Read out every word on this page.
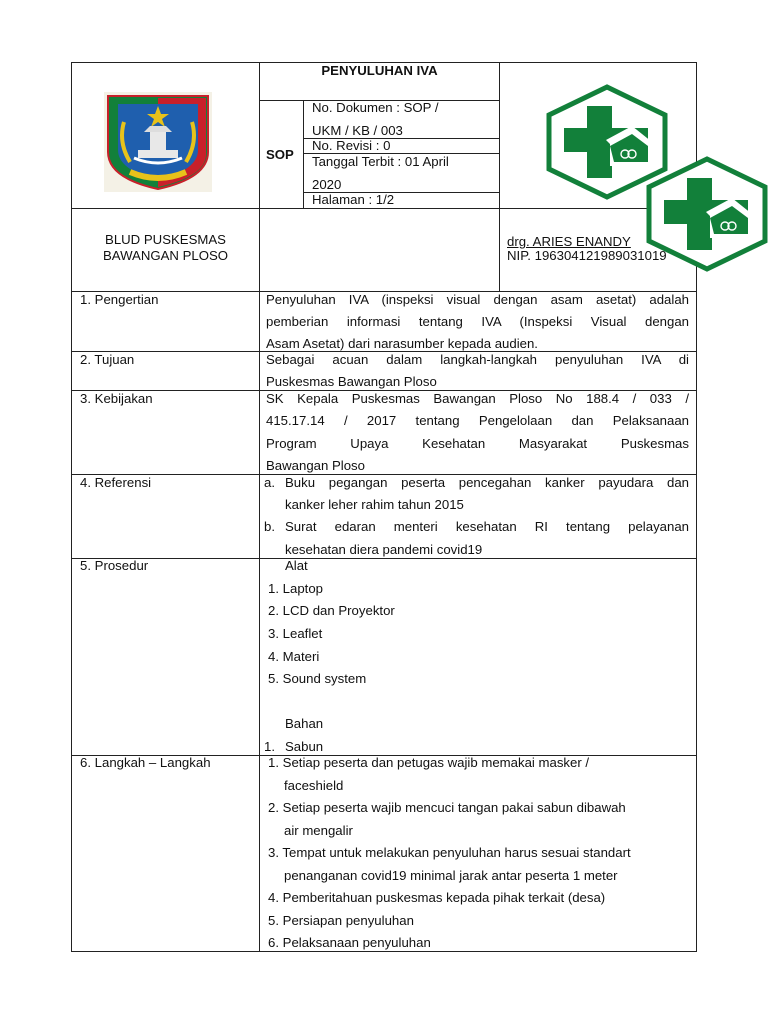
PENYULUHAN IVA
SOP
No. Dokumen : SOP /
UKM / KB / 003
No. Revisi : 0
Tanggal Terbit : 01 April
2020
Halaman : 1/2
BLUD PUSKESMAS
BAWANGAN PLOSO
drg. ARIES ENANDY
NIP. 196304121989031019
1. Pengertian	Penyuluhan IVA (inspeksi visual dengan asam asetat) adalah
pemberian informasi tentang IVA (Inspeksi Visual dengan
Asam Asetat) dari narasumber kepada audien.
2. Tujuan	Sebagai acuan dalam langkah-langkah penyuluhan IVA di
Puskesmas Bawangan Ploso
3. Kebijakan	SK Kepala Puskesmas Bawangan Ploso No 188.4 / 033 /
415.17.14 / 2017 tentang Pengelolaan dan Pelaksanaan
Program Upaya Kesehatan Masyarakat Puskesmas
Bawangan Ploso
4. Referensi	a. Buku pegangan peserta pencegahan kanker payudara dan
kanker leher rahim tahun 2015
b. Surat edaran menteri kesehatan RI tentang pelayanan
kesehatan diera pandemi covid19
5. Prosedur	Alat
1. Laptop
2. LCD dan Proyektor
3. Leaflet
4. Materi
5. Sound system
Bahan
1. Sabun
6. Langkah – Langkah	1. Setiap peserta dan petugas wajib memakai masker /
faceshield
2. Setiap peserta wajib mencuci tangan pakai sabun dibawah
air mengalir
3. Tempat untuk melakukan penyuluhan harus sesuai standart
penanganan covid19 minimal jarak antar peserta 1 meter
4. Pemberitahuan puskesmas kepada pihak terkait (desa)
5. Persiapan penyuluhan
6. Pelaksanaan penyuluhan
